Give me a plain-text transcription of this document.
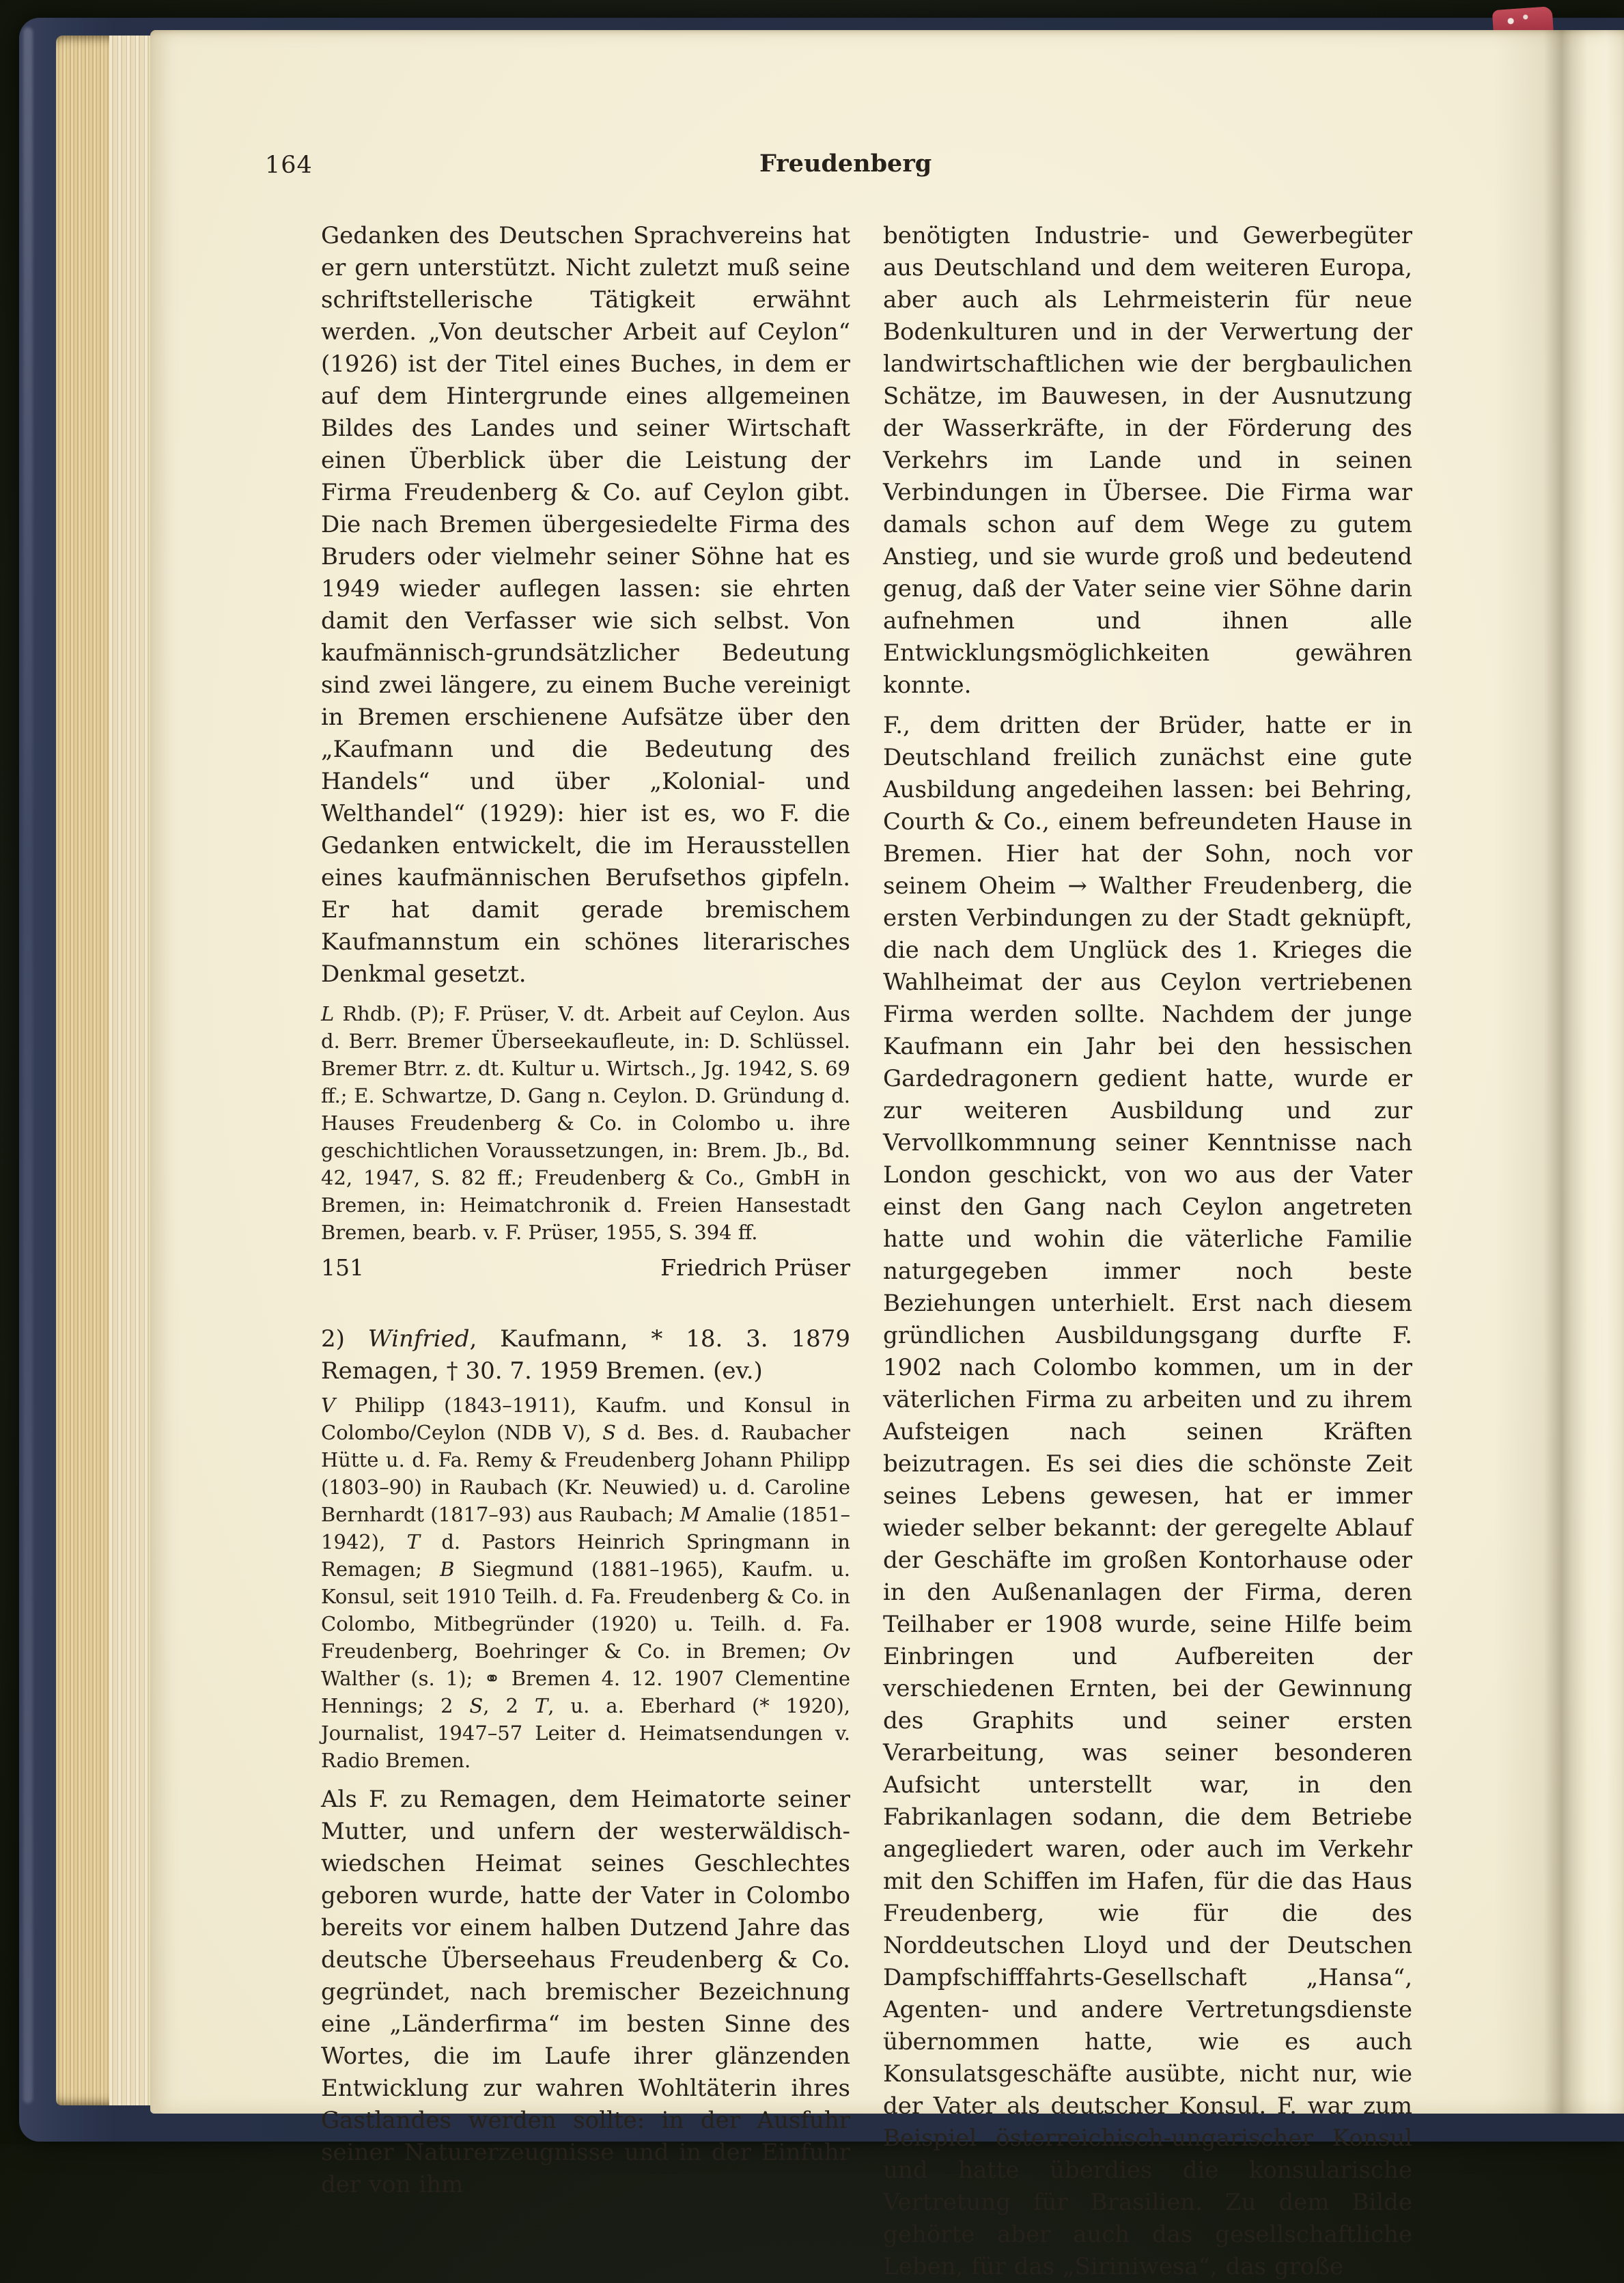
164	Freudenberg

Gedanken des Deutschen Sprachvereins hat er gern unterstützt. Nicht zuletzt muß seine schriftstellerische Tätigkeit erwähnt werden. „Von deutscher Arbeit auf Ceylon“ (1926) ist der Titel eines Buches, in dem er auf dem Hintergrunde eines allgemeinen Bildes des Landes und seiner Wirtschaft einen Überblick über die Leistung der Firma Freudenberg & Co. auf Ceylon gibt. Die nach Bremen übergesiedelte Firma des Bruders oder vielmehr seiner Söhne hat es 1949 wieder auflegen lassen: sie ehrten damit den Verfasser wie sich selbst. Von kaufmännisch-grundsätzlicher Bedeutung sind zwei längere, zu einem Buche vereinigt in Bremen erschienene Aufsätze über den „Kaufmann und die Bedeutung des Handels“ und über „Kolonial- und Welthandel“ (1929): hier ist es, wo F. die Gedanken entwickelt, die im Herausstellen eines kaufmännischen Berufsethos gipfeln. Er hat damit gerade bremischem Kaufmannstum ein schönes literarisches Denkmal gesetzt.

L Rhdb. (P); F. Prüser, V. dt. Arbeit auf Ceylon. Aus d. Berr. Bremer Überseekaufleute, in: D. Schlüssel. Bremer Btrr. z. dt. Kultur u. Wirtsch., Jg. 1942, S. 69 ff.; E. Schwartze, D. Gang n. Ceylon. D. Gründung d. Hauses Freudenberg & Co. in Colombo u. ihre geschichtlichen Voraussetzungen, in: Brem. Jb., Bd. 42, 1947, S. 82 ff.; Freudenberg & Co., GmbH in Bremen, in: Heimatchronik d. Freien Hansestadt Bremen, bearb. v. F. Prüser, 1955, S. 394 ff.

151	Friedrich Prüser

2) Winfried, Kaufmann, * 18. 3. 1879 Remagen, † 30. 7. 1959 Bremen. (ev.)

V Philipp (1843–1911), Kaufm. und Konsul in Colombo/Ceylon (NDB V), S d. Bes. d. Raubacher Hütte u. d. Fa. Remy & Freudenberg Johann Philipp (1803–90) in Raubach (Kr. Neuwied) u. d. Caroline Bernhardt (1817–93) aus Raubach; M Amalie (1851–1942), T d. Pastors Heinrich Springmann in Remagen; B Siegmund (1881–1965), Kaufm. u. Konsul, seit 1910 Teilh. d. Fa. Freudenberg & Co. in Colombo, Mitbegründer (1920) u. Teilh. d. Fa. Freudenberg, Boehringer & Co. in Bremen; Ov Walther (s. 1); ⚭ Bremen 4. 12. 1907 Clementine Hennings; 2 S, 2 T, u. a. Eberhard (* 1920), Journalist, 1947–57 Leiter d. Heimatsendungen v. Radio Bremen.

Als F. zu Remagen, dem Heimatorte seiner Mutter, und unfern der westerwäldisch-wiedschen Heimat seines Geschlechtes geboren wurde, hatte der Vater in Colombo bereits vor einem halben Dutzend Jahre das deutsche Überseehaus Freudenberg & Co. gegründet, nach bremischer Bezeichnung eine „Länderfirma“ im besten Sinne des Wortes, die im Laufe ihrer glänzenden Entwicklung zur wahren Wohltäterin ihres Gastlandes werden sollte: in der Ausfuhr seiner Naturerzeugnisse und in der Einfuhr der von ihm

benötigten Industrie- und Gewerbegüter aus Deutschland und dem weiteren Europa, aber auch als Lehrmeisterin für neue Bodenkulturen und in der Verwertung der landwirtschaftlichen wie der bergbaulichen Schätze, im Bauwesen, in der Ausnutzung der Wasserkräfte, in der Förderung des Verkehrs im Lande und in seinen Verbindungen in Übersee. Die Firma war damals schon auf dem Wege zu gutem Anstieg, und sie wurde groß und bedeutend genug, daß der Vater seine vier Söhne darin aufnehmen und ihnen alle Entwicklungsmöglichkeiten gewähren konnte.

F., dem dritten der Brüder, hatte er in Deutschland freilich zunächst eine gute Ausbildung angedeihen lassen: bei Behring, Courth & Co., einem befreundeten Hause in Bremen. Hier hat der Sohn, noch vor seinem Oheim → Walther Freudenberg, die ersten Verbindungen zu der Stadt geknüpft, die nach dem Unglück des 1. Krieges die Wahlheimat der aus Ceylon vertriebenen Firma werden sollte. Nachdem der junge Kaufmann ein Jahr bei den hessischen Gardedragonern gedient hatte, wurde er zur weiteren Ausbildung und zur Vervollkommnung seiner Kenntnisse nach London geschickt, von wo aus der Vater einst den Gang nach Ceylon angetreten hatte und wohin die väterliche Familie naturgegeben immer noch beste Beziehungen unterhielt. Erst nach diesem gründlichen Ausbildungsgang durfte F. 1902 nach Colombo kommen, um in der väterlichen Firma zu arbeiten und zu ihrem Aufsteigen nach seinen Kräften beizutragen. Es sei dies die schönste Zeit seines Lebens gewesen, hat er immer wieder selber bekannt: der geregelte Ablauf der Geschäfte im großen Kontorhause oder in den Außenanlagen der Firma, deren Teilhaber er 1908 wurde, seine Hilfe beim Einbringen und Aufbereiten der verschiedenen Ernten, bei der Gewinnung des Graphits und seiner ersten Verarbeitung, was seiner besonderen Aufsicht unterstellt war, in den Fabrikanlagen sodann, die dem Betriebe angegliedert waren, oder auch im Verkehr mit den Schiffen im Hafen, für die das Haus Freudenberg, wie für die des Norddeutschen Lloyd und der Deutschen Dampfschifffahrts-Gesellschaft „Hansa“, Agenten- und andere Vertretungsdienste übernommen hatte, wie es auch Konsulatsgeschäfte ausübte, nicht nur, wie der Vater als deutscher Konsul. F. war zum Beispiel österreichisch-ungarischer Konsul und hatte überdies die konsularische Vertretung für Brasilien. Zu dem Bilde gehörte aber auch das gesellschaftliche Leben, für das „Siriniwesa“, das große
